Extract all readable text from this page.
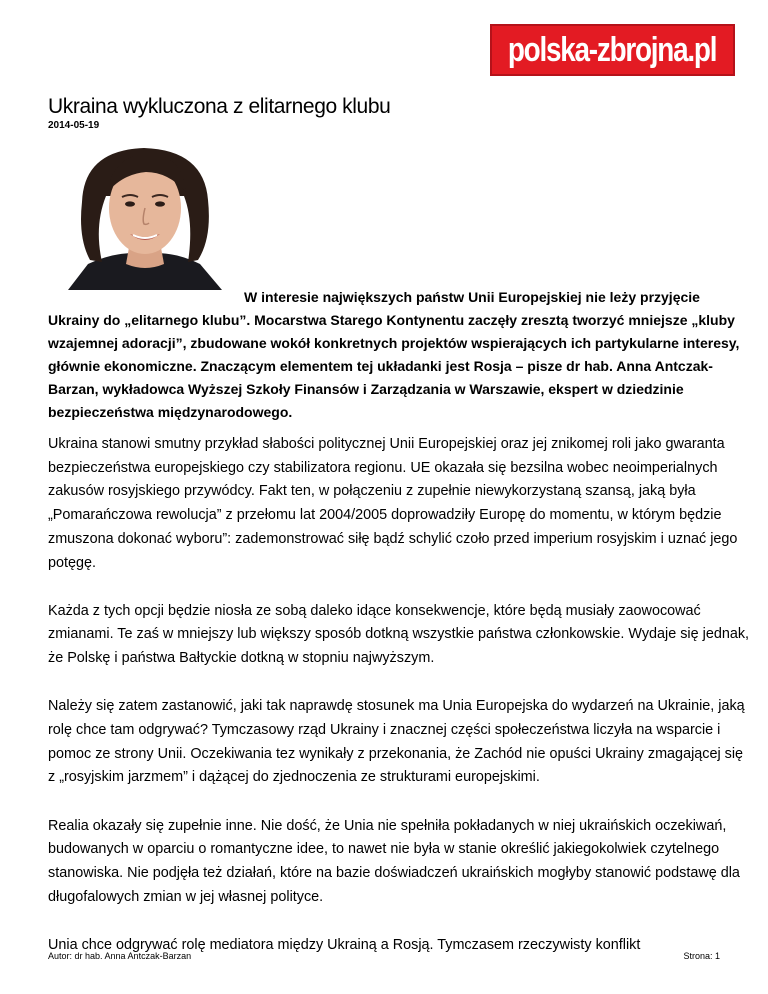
polska-zbrojna.pl
Ukraina wykluczona z elitarnego klubu
2014-05-19
W interesie największych państw Unii Europejskiej nie leży przyjęcie
Ukrainy do „elitarnego klubu”. Mocarstwa Starego Kontynentu zaczęły zresztą tworzyć mniejsze „kluby wzajemnej adoracji”, zbudowane wokół konkretnych projektów wspierających ich partykularne interesy, głównie ekonomiczne. Znaczącym elementem tej układanki jest Rosja – pisze dr hab. Anna Antczak-Barzan, wykładowca Wyższej Szkoły Finansów i Zarządzania w Warszawie, ekspert w dziedzinie bezpieczeństwa międzynarodowego.

Ukraina stanowi smutny przykład słabości politycznej Unii Europejskiej oraz jej znikomej roli jako gwaranta bezpieczeństwa europejskiego czy stabilizatora regionu. UE okazała się bezsilna wobec neoimperialnych zakusów rosyjskiego przywódcy. Fakt ten, w połączeniu z zupełnie niewykorzystaną szansą, jaką była „Pomarańczowa rewolucja” z przełomu lat 2004/2005 doprowadziły Europę do momentu, w którym będzie zmuszona dokonać wyboru”: zademonstrować siłę bądź schylić czoło przed imperium rosyjskim i uznać jego potęgę.

Każda z tych opcji będzie niosła ze sobą daleko idące konsekwencje, które będą musiały zaowocować zmianami. Te zaś w mniejszy lub większy sposób dotkną wszystkie państwa członkowskie. Wydaje się jednak, że Polskę i państwa Bałtyckie dotkną w stopniu najwyższym.

Należy się zatem zastanowić, jaki tak naprawdę stosunek ma Unia Europejska do wydarzeń na Ukrainie, jaką rolę chce tam odgrywać? Tymczasowy rząd Ukrainy i znacznej części społeczeństwa liczyła na wsparcie i pomoc ze strony Unii. Oczekiwania tez wynikały z przekonania, że Zachód nie opuści Ukrainy zmagającej się z „rosyjskim jarzmem” i dążącej do zjednoczenia ze strukturami europejskimi.

Realia okazały się zupełnie inne. Nie dość, że Unia nie spełniła pokładanych w niej ukraińskich oczekiwań, budowanych w oparciu o romantyczne idee, to nawet nie była w stanie określić jakiegokolwiek czytelnego stanowiska. Nie podjęła też działań, które na bazie doświadczeń ukraińskich mogłyby stanowić podstawę dla długofalowych zmian w jej własnej polityce.

Unia chce odgrywać rolę mediatora między Ukrainą a Rosją. Tymczasem rzeczywisty konflikt

Autor: dr hab. Anna Antczak-Barzan	Strona: 1
